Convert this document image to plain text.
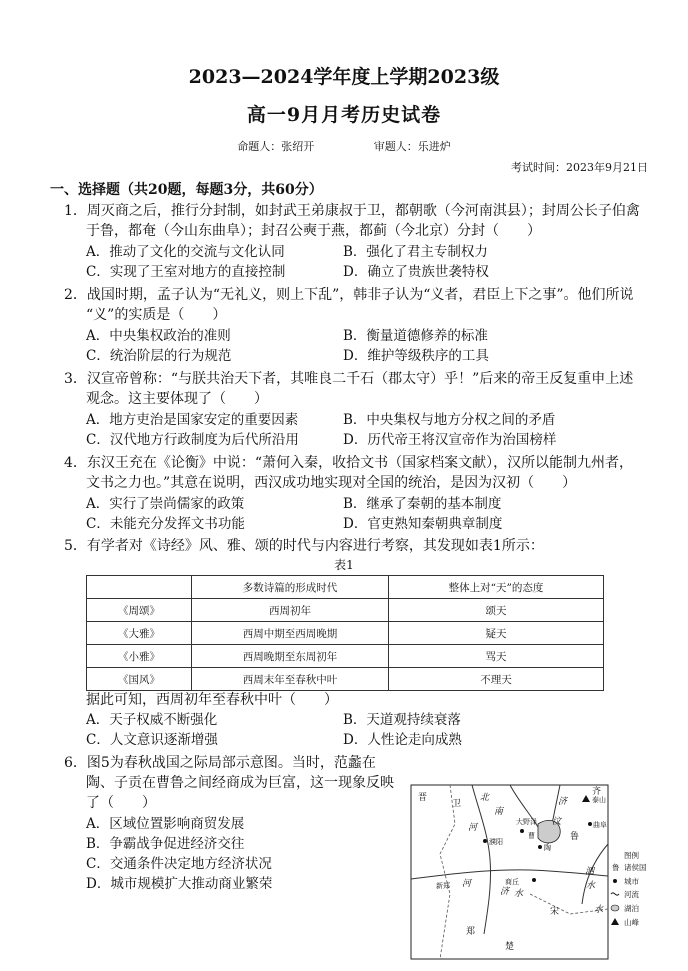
2023—2024学年度上学期2023级
高一9月月考历史试卷
命题人：张绍开	审题人：乐进炉
考试时间：2023年9月21日
一、选择题（共20题，每题3分，共60分）
1．周灭商之后，推行分封制，如封武王弟康叔于卫，都朝歌（今河南淇县）；封周公长子伯禽
于鲁，都奄（今山东曲阜）；封召公奭于燕，都蓟（今北京）分封（　　）
A．推动了文化的交流与文化认同	B．强化了君主专制权力
C．实现了王室对地方的直接控制	D．确立了贵族世袭特权
2．战国时期，孟子认为“无礼义，则上下乱”，韩非子认为“义者，君臣上下之事”。他们所说
“义”的实质是（　　）
A．中央集权政治的准则	B．衡量道德修养的标准
C．统治阶层的行为规范	D．维护等级秩序的工具
3．汉宣帝曾称：“与朕共治天下者，其唯良二千石（郡太守）乎！”后来的帝王反复重申上述
观念。这主要体现了（　　）
A．地方吏治是国家安定的重要因素	B．中央集权与地方分权之间的矛盾
C．汉代地方行政制度为后代所沿用	D．历代帝王将汉宣帝作为治国榜样
4．东汉王充在《论衡》中说：“萧何入秦，收拾文书（国家档案文献），汉所以能制九州者，
文书之力也。”其意在说明，西汉成功地实现对全国的统治，是因为汉初（　　）
A．实行了崇尚儒家的政策	B．继承了秦朝的基本制度
C．未能充分发挥文书功能	D．官吏熟知秦朝典章制度
5．有学者对《诗经》风、雅、颂的时代与内容进行考察，其发现如表1所示：
表1
	多数诗篇的形成时代	整体上对“天”的态度
《周颂》	西周初年	颂天
《大雅》	西周中期至西周晚期	疑天
《小雅》	西周晚期至东周初年	骂天
《国风》	西周末年至春秋中叶	不理天
据此可知，西周初年至春秋中叶（　　）
A．天子权威不断强化	B．天道观持续衰落
C．人文意识逐渐增强	D．人性论走向成熟
6．图5为春秋战国之际局部示意图。当时，范蠡在
陶、子贡在曹鲁之间经商成为巨富，这一现象反映
了（　　）
A．区域位置影响商贸发展
B．争霸战争促进经济交往
C．交通条件决定地方经济状况
D．城市规模扩大推动商业繁荣
晋
卫
齐
鲁
郑
宋
楚
北
河
南
济
河
济 水
泗
水
汶
水
濮阳
大野泽
曹
陶
新郑	商丘
曲阜
泰山
图例
鲁 诸侯国
城市
河流
湖泊
山峰
